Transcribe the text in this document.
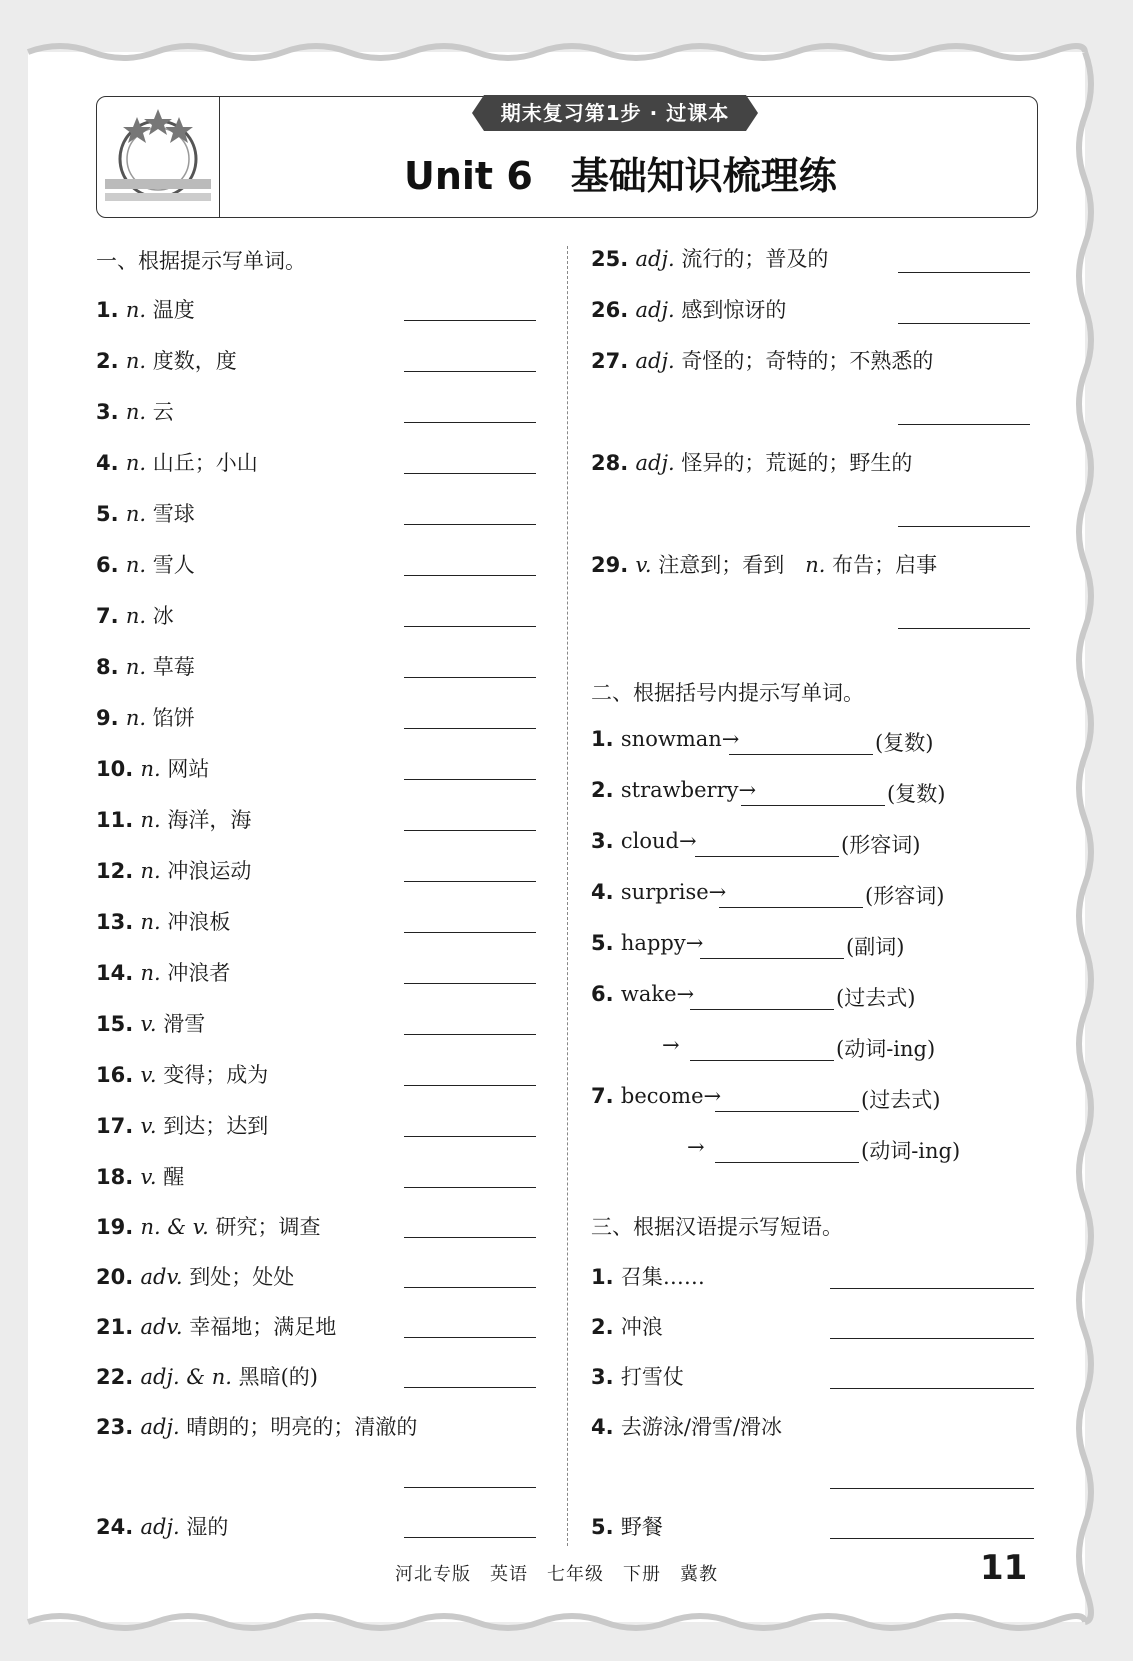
期末复习第1步 · 过课本
Unit 6　基础知识梳理练
一、根据提示写单词。
1. n. 温度
2. n. 度数，度
3. n. 云
4. n. 山丘；小山
5. n. 雪球
6. n. 雪人
7. n. 冰
8. n. 草莓
9. n. 馅饼
10. n. 网站
11. n. 海洋，海
12. n. 冲浪运动
13. n. 冲浪板
14. n. 冲浪者
15. v. 滑雪
16. v. 变得；成为
17. v. 到达；达到
18. v. 醒
19. n. & v. 研究；调查
20. adv. 到处；处处
21. adv. 幸福地；满足地
22. adj. & n. 黑暗(的)
23. adj. 晴朗的；明亮的；清澈的
24. adj. 湿的
25. adj. 流行的；普及的
26. adj. 感到惊讶的
27. adj. 奇怪的；奇特的；不熟悉的
28. adj. 怪异的；荒诞的；野生的
29. v. 注意到；看到　n. 布告；启事
二、根据括号内提示写单词。
1. snowman→	(复数)
2. strawberry→	(复数)
3. cloud→	(形容词)
4. surprise→	(形容词)
5. happy→	(副词)
6. wake→	(过去式)
→	(动词-ing)
7. become→	(过去式)
→	(动词-ing)
三、根据汉语提示写短语。
1. 召集……
2. 冲浪
3. 打雪仗
4. 去游泳/滑雪/滑冰
5. 野餐
河北专版　英语　七年级　下册　冀教	11
